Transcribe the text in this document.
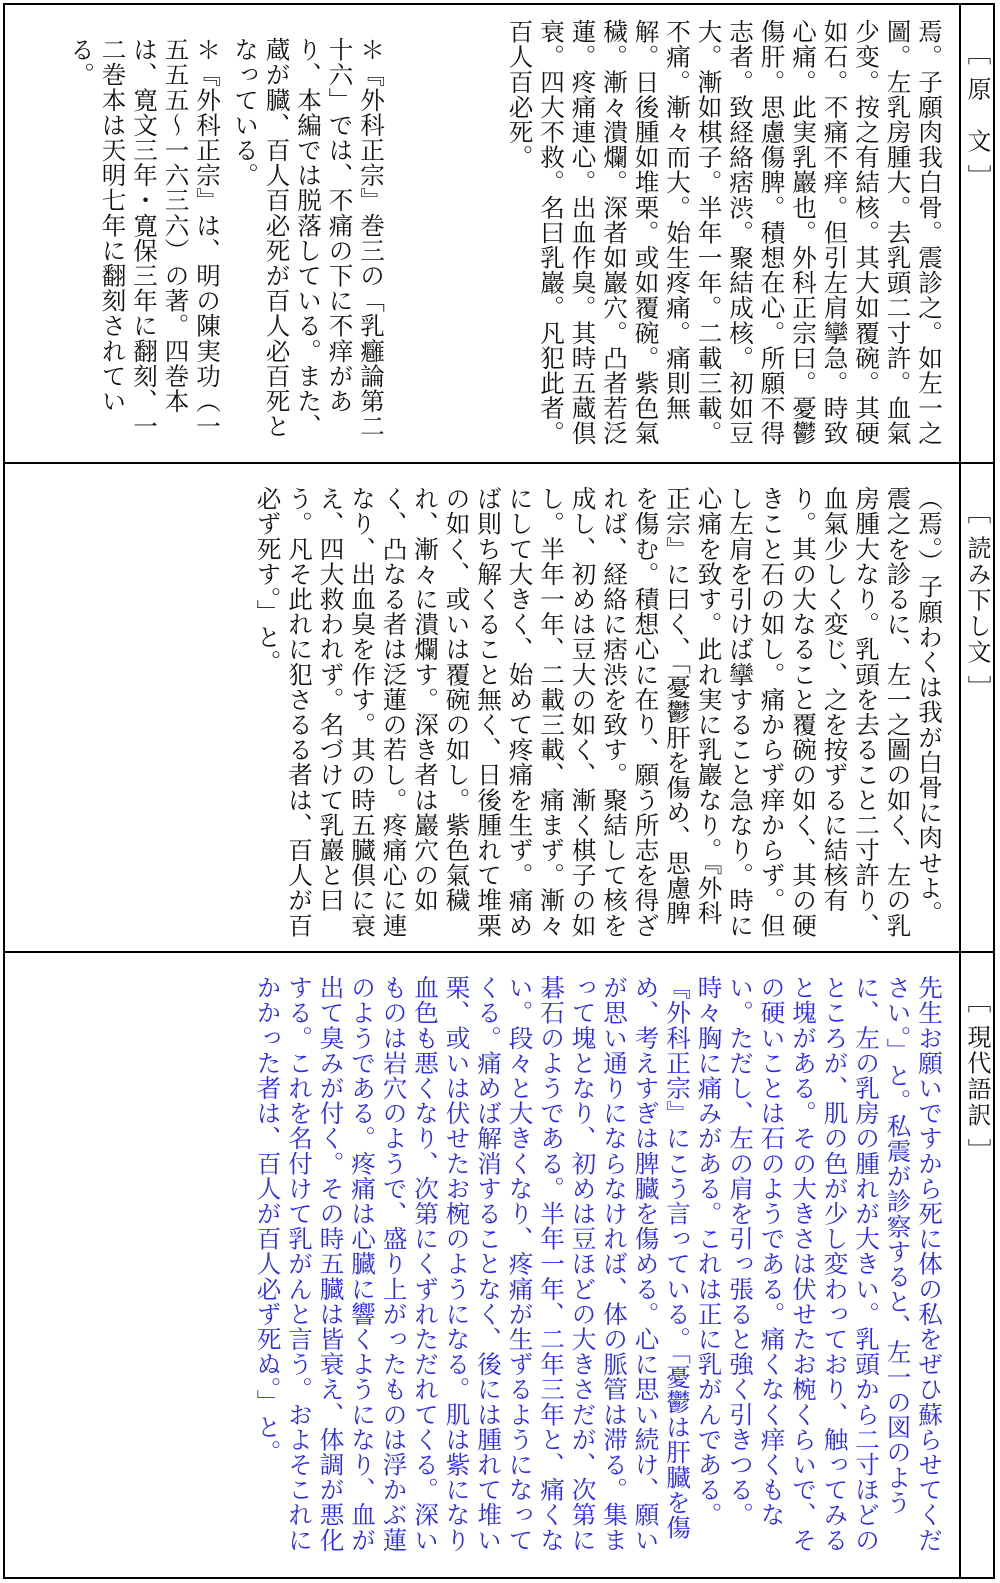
［ 原　文 ］

焉。子願肉我白骨。震診之。如左一之圖。左乳房腫大。去乳頭二寸許。血氣少变。按之有結核。其大如覆碗。其硬如石。不痛不痒。但引左肩攣急。時致心痛。此実乳巖也。外科正宗曰。憂鬱傷肝。思慮傷脾。積想在心。所願不得志者。致経絡痞渋。聚結成核。初如豆大。漸如棋子。半年一年。二載三載。不痛。漸々而大。始生疼痛。痛則無解。日後腫如堆栗。或如覆碗。紫色氣穢。漸々潰爛。深者如巖穴。凸者若泛蓮。疼痛連心。出血作臭。其時五蔵倶衰。四大不救。名曰乳巖。凡犯此者。百人百必死。

＊『外科正宗』巻三の「乳癰論第二十六」では、不痛の下に不痒があり、本編では脱落している。また、蔵が臓、百人百必死が百人必百死となっている。

＊『外科正宗』は、明の陳実功（一五五五〜一六三六）の著。四巻本は、寛文三年・寛保三年に翻刻、一二巻本は天明七年に翻刻されている。

［ 読み下し文 ］

（焉。）子願わくは我が白骨に肉せよ。震之を診るに、左一之圖の如く、左の乳房腫大なり。乳頭を去ること二寸許り、血氣少しく変じ、之を按ずるに結核有り。其の大なること覆碗の如く、其の硬きこと石の如し。痛からず痒からず。但し左肩を引けば攣すること急なり。時に心痛を致す。此れ実に乳巖なり。『外科正宗』に曰く、「憂鬱肝を傷め、思慮脾を傷む。積想心に在り、願う所志を得ざれば、経絡に痞渋を致す。聚結して核を成し、初めは豆大の如く、漸く棋子の如し。半年一年、二載三載、痛まず。漸々にして大きく、始めて疼痛を生ず。痛めば則ち解くること無く、日後腫れて堆栗の如く、或いは覆碗の如し。紫色氣穢れ、漸々に潰爛す。深き者は巖穴の如く、凸なる者は泛蓮の若し。疼痛心に連なり、出血臭を作す。其の時五臓倶に衰え、四大救われず。名づけて乳巖と曰う。凡そ此れに犯さるる者は、百人が百必ず死す。」と。

［ 現代語訳 ］

先生お願いですから死に体の私をぜひ蘇らせてください。」と。私震が診察すると、左一の図のように、左の乳房の腫れが大きい。乳頭から二寸ほどのところが、肌の色が少し変わっており、触ってみると塊がある。その大きさは伏せたお椀くらいで、その硬いことは石のようである。痛くなく痒くもない。ただし、左の肩を引っ張ると強く引きつる。時々胸に痛みがある。これは正に乳がんである。『外科正宗』にこう言っている。「憂鬱は肝臓を傷め、考えすぎは脾臓を傷める。心に思い続け、願いが思い通りにならなければ、体の脈管は滞る。集まって塊となり、初めは豆ほどの大きさだが、次第に碁石のようである。半年一年、二年三年と、痛くない。段々と大きくなり、疼痛が生ずるようになってくる。痛めば解消することなく、後には腫れて堆い栗、或いは伏せたお椀のようになる。肌は紫になり血色も悪くなり、次第にくずれただれてくる。深いものは岩穴のようで、盛り上がったものは浮かぶ蓮のようである。疼痛は心臓に響くようになり、血が出て臭みが付く。その時五臓は皆衰え、体調が悪化する。これを名付けて乳がんと言う。およそこれにかかった者は、百人が百人必ず死ぬ。」と。
